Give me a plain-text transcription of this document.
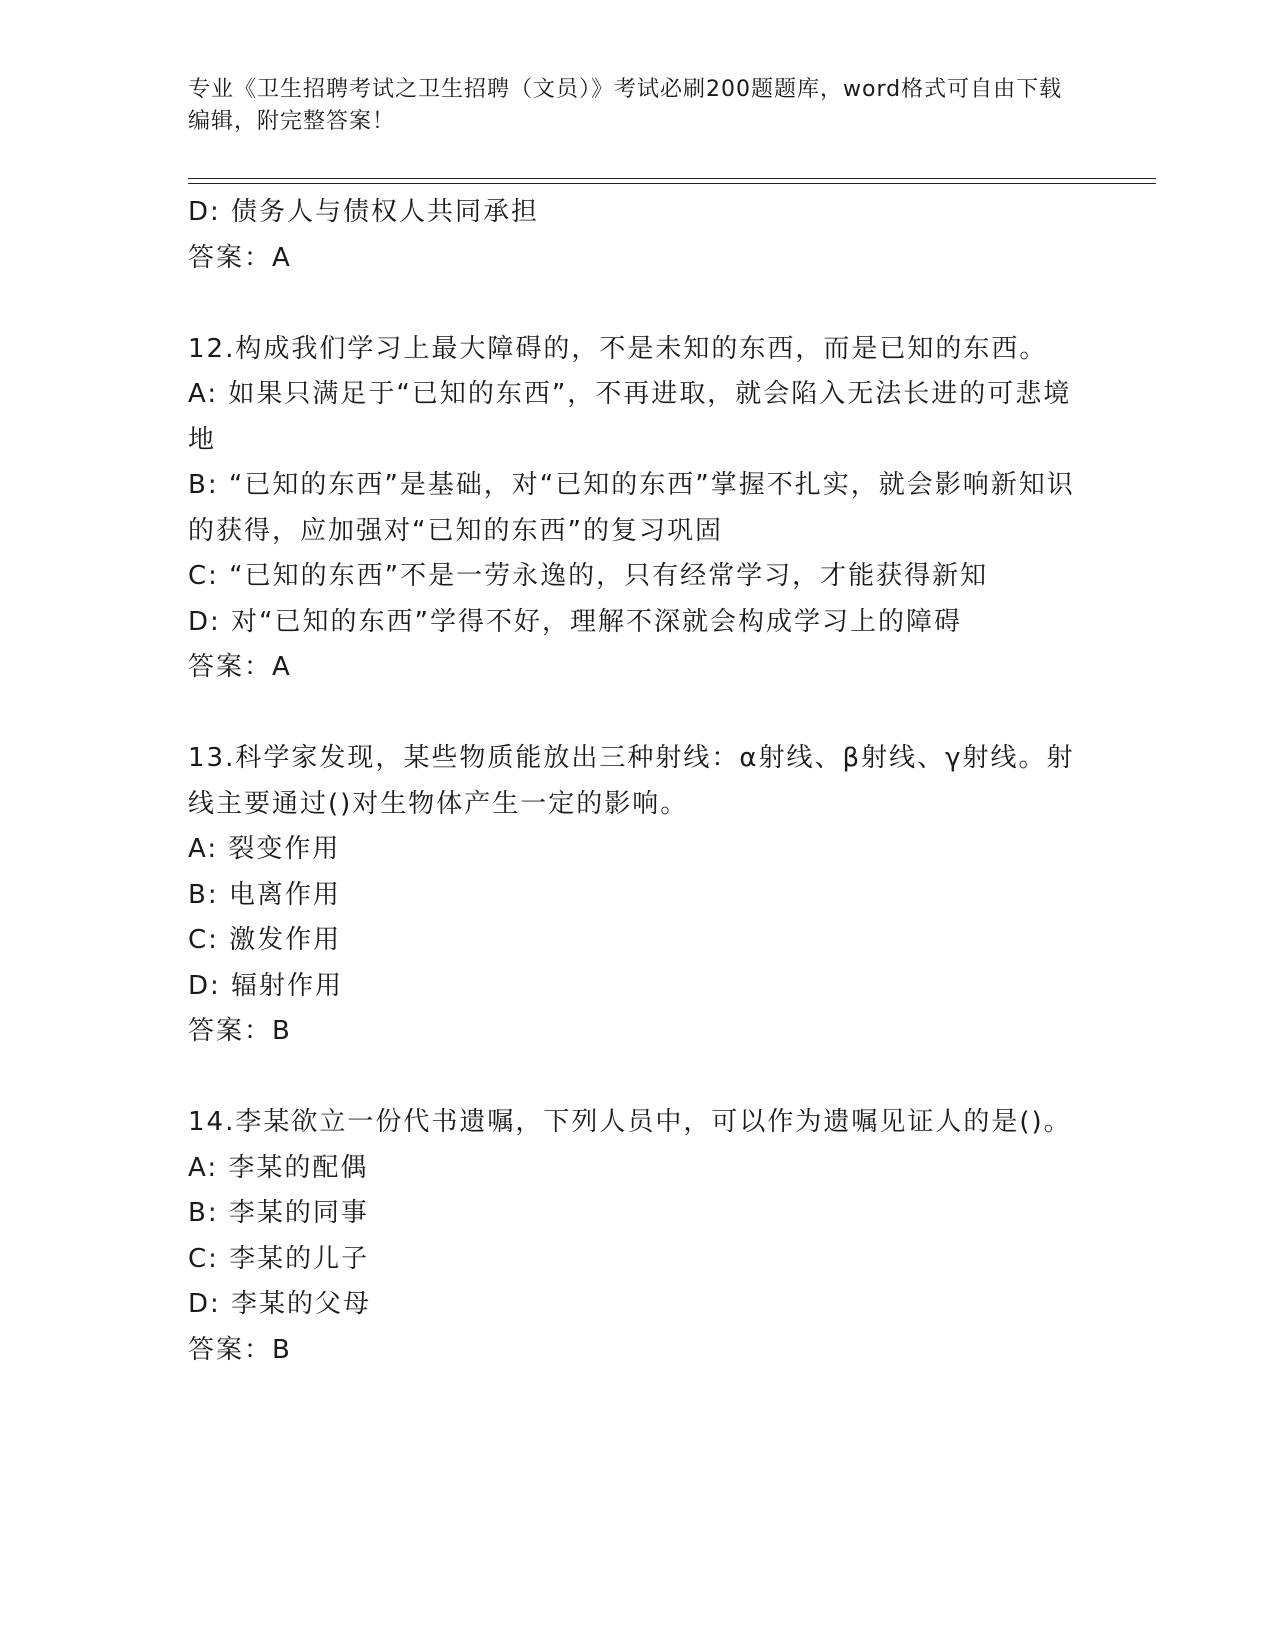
专业《卫生招聘考试之卫生招聘（文员）》考试必刷200题题库，word格式可自由下载编辑，附完整答案！

D: 债务人与债权人共同承担

答案：A

12.构成我们学习上最大障碍的，不是未知的东西，而是已知的东西。

A: 如果只满足于“已知的东西”，不再进取，就会陷入无法长进的可悲境地

B: “已知的东西”是基础，对“已知的东西”掌握不扎实，就会影响新知识的获得，应加强对“已知的东西”的复习巩固

C: “已知的东西”不是一劳永逸的，只有经常学习，才能获得新知

D: 对“已知的东西”学得不好，理解不深就会构成学习上的障碍

答案：A

13.科学家发现，某些物质能放出三种射线：α射线、β射线、γ射线。射线主要通过()对生物体产生一定的影响。

A: 裂变作用

B: 电离作用

C: 激发作用

D: 辐射作用

答案：B

14.李某欲立一份代书遗嘱，下列人员中，可以作为遗嘱见证人的是()。

A: 李某的配偶

B: 李某的同事

C: 李某的儿子

D: 李某的父母

答案：B
